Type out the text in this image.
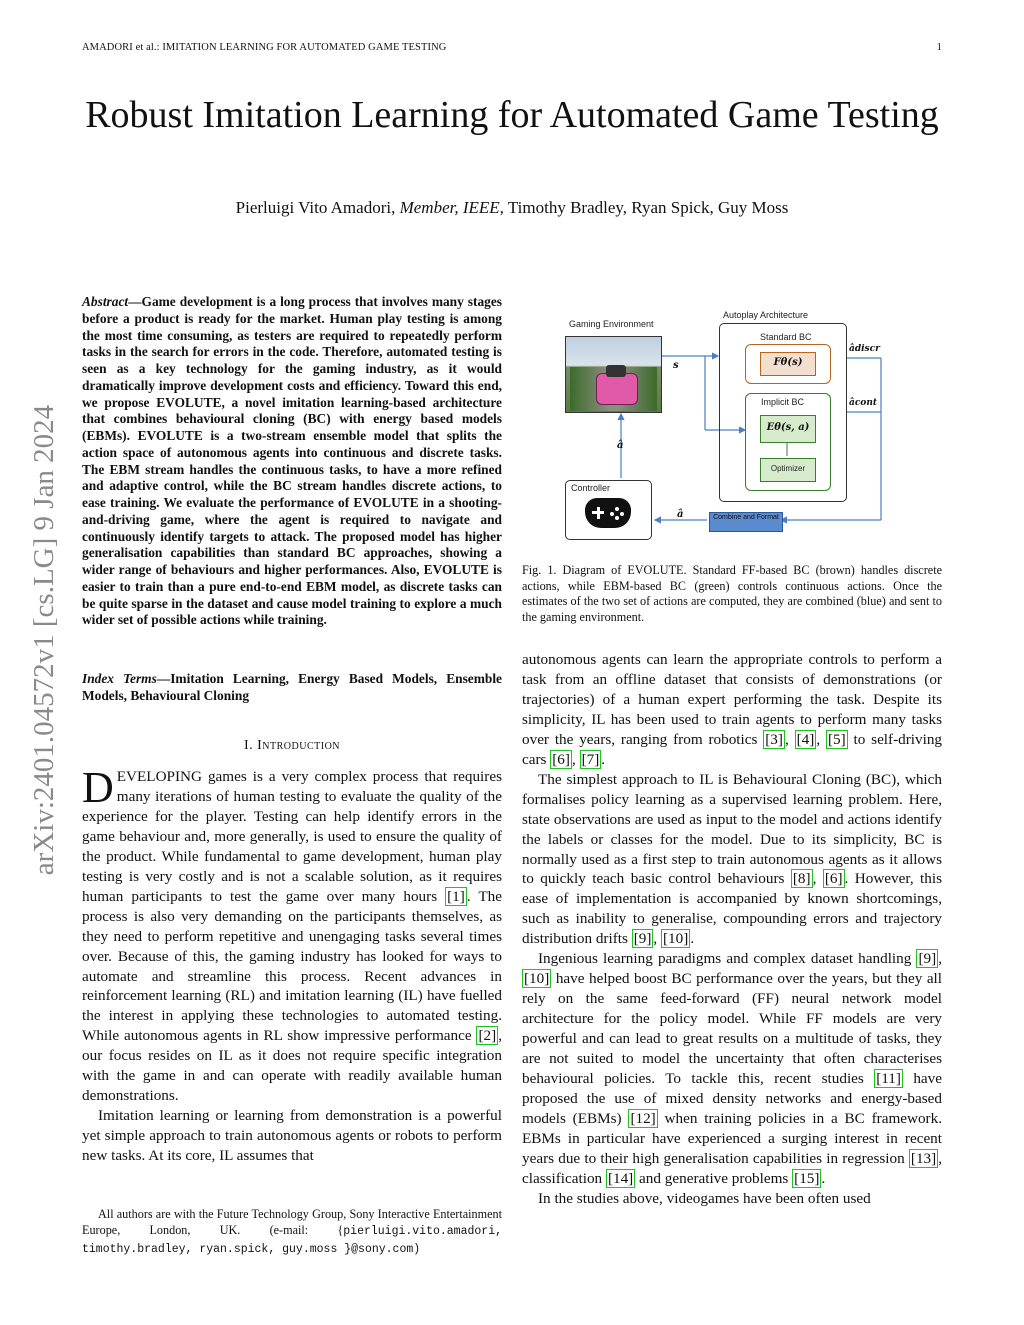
AMADORI et al.: IMITATION LEARNING FOR AUTOMATED GAME TESTING	1
Robust Imitation Learning for Automated Game Testing
Pierluigi Vito Amadori, Member, IEEE, Timothy Bradley, Ryan Spick, Guy Moss
arXiv:2401.04572v1 [cs.LG] 9 Jan 2024
Abstract—Game development is a long process that involves many stages before a product is ready for the market. Human play testing is among the most time consuming, as testers are required to repeatedly perform tasks in the search for errors in the code. Therefore, automated testing is seen as a key technology for the gaming industry, as it would dramatically improve development costs and efficiency. Toward this end, we propose EVOLUTE, a novel imitation learning-based architecture that combines behavioural cloning (BC) with energy based models (EBMs). EVOLUTE is a two-stream ensemble model that splits the action space of autonomous agents into continuous and discrete tasks. The EBM stream handles the continuous tasks, to have a more refined and adaptive control, while the BC stream handles discrete actions, to ease training. We evaluate the performance of EVOLUTE in a shooting-and-driving game, where the agent is required to navigate and continuously identify targets to attack. The proposed model has higher generalisation capabilities than standard BC approaches, showing a wider range of behaviours and higher performances. Also, EVOLUTE is easier to train than a pure end-to-end EBM model, as discrete tasks can be quite sparse in the dataset and cause model training to explore a much wider set of possible actions while training.
Index Terms—Imitation Learning, Energy Based Models, Ensemble Models, Behavioural Cloning
I. Introduction

DEVELOPING games is a very complex process that requires many iterations of human testing to evaluate the quality of the experience for the player. Testing can help identify errors in the game behaviour and, more generally, is used to ensure the quality of the product. While fundamental to game development, human play testing is very costly and is not a scalable solution, as it requires human participants to test the game over many hours [1] . The process is also very demanding on the participants themselves, as they need to perform repetitive and unengaging tasks several times over. Because of this, the gaming industry has looked for ways to automate and streamline this process. Recent advances in reinforcement learning (RL) and imitation learning (IL) have fuelled the interest in applying these technologies to automated testing. While autonomous agents in RL show impressive performance [2] , our focus resides on IL as it does not require specific integration with the game in and can operate with readily available human demonstrations.

Imitation learning or learning from demonstration is a powerful yet simple approach to train autonomous agents or robots to perform new tasks. At its core, IL assumes that

All authors are with the Future Technology Group, Sony Interactive Entertainment Europe, London, UK. (e-mail: {pierluigi.vito.amadori, timothy.bradley, ryan.spick, guy.moss }@sony.com)
Gaming Environment
Autoplay Architecture
Standard BC
Fθ(s)
Implicit BC
Eθ(s, a)
Optimizer
s
âdiscr
âcont
â
â
Controller
Combine and Format
Fig. 1. Diagram of EVOLUTE. Standard FF-based BC (brown) handles discrete actions, while EBM-based BC (green) controls continuous actions. Once the estimates of the two set of actions are computed, they are combined (blue) and sent to the gaming environment.

autonomous agents can learn the appropriate controls to perform a task from an offline dataset that consists of demonstrations (or trajectories) of a human expert performing the task. Despite its simplicity, IL has been used to train agents to perform many tasks over the years, ranging from robotics [3] , [4] , [5] to self-driving cars [6] , [7] .

The simplest approach to IL is Behavioural Cloning (BC), which formalises policy learning as a supervised learning problem. Here, state observations are used as input to the model and actions identify the labels or classes for the model. Due to its simplicity, BC is normally used as a first step to train autonomous agents as it allows to quickly teach basic control behaviours [8] , [6] . However, this ease of implementation is accompanied by known shortcomings, such as inability to generalise, compounding errors and trajectory distribution drifts [9] , [10] .

Ingenious learning paradigms and complex dataset handling [9] , [10] have helped boost BC performance over the years, but they all rely on the same feed-forward (FF) neural network model architecture for the policy model. While FF models are very powerful and can lead to great results on a multitude of tasks, they are not suited to model the uncertainty that often characterises behavioural policies. To tackle this, recent studies [11] have proposed the use of mixed density networks and energy-based models (EBMs) [12] when training policies in a BC framework. EBMs in particular have experienced a surging interest in recent years due to their high generalisation capabilities in regression [13] , classification [14] and generative problems [15] .

In the studies above, videogames have been often used
